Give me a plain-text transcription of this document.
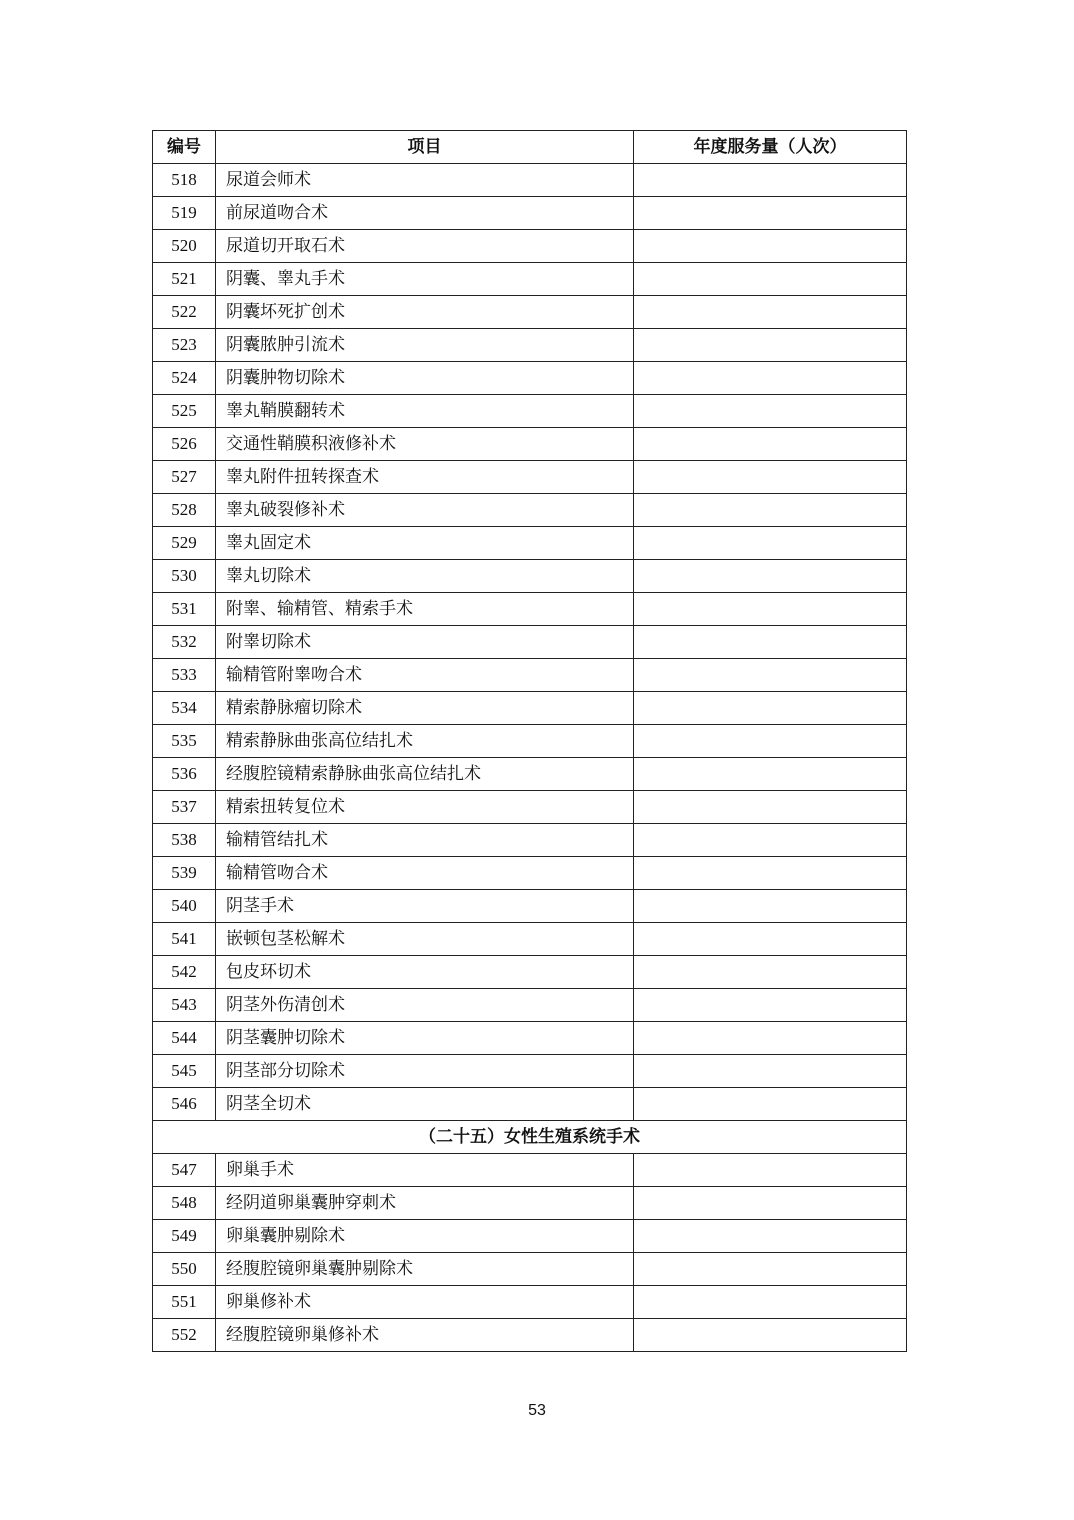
编号	项目	年度服务量（人次）
518	尿道会师术	
519	前尿道吻合术	
520	尿道切开取石术	
521	阴囊、睾丸手术	
522	阴囊坏死扩创术	
523	阴囊脓肿引流术	
524	阴囊肿物切除术	
525	睾丸鞘膜翻转术	
526	交通性鞘膜积液修补术	
527	睾丸附件扭转探查术	
528	睾丸破裂修补术	
529	睾丸固定术	
530	睾丸切除术	
531	附睾、输精管、精索手术	
532	附睾切除术	
533	输精管附睾吻合术	
534	精索静脉瘤切除术	
535	精索静脉曲张高位结扎术	
536	经腹腔镜精索静脉曲张高位结扎术	
537	精索扭转复位术	
538	输精管结扎术	
539	输精管吻合术	
540	阴茎手术	
541	嵌顿包茎松解术	
542	包皮环切术	
543	阴茎外伤清创术	
544	阴茎囊肿切除术	
545	阴茎部分切除术	
546	阴茎全切术	
（二十五）女性生殖系统手术		
547	卵巢手术	
548	经阴道卵巢囊肿穿刺术	
549	卵巢囊肿剔除术	
550	经腹腔镜卵巢囊肿剔除术	
551	卵巢修补术	
552	经腹腔镜卵巢修补术	
53
